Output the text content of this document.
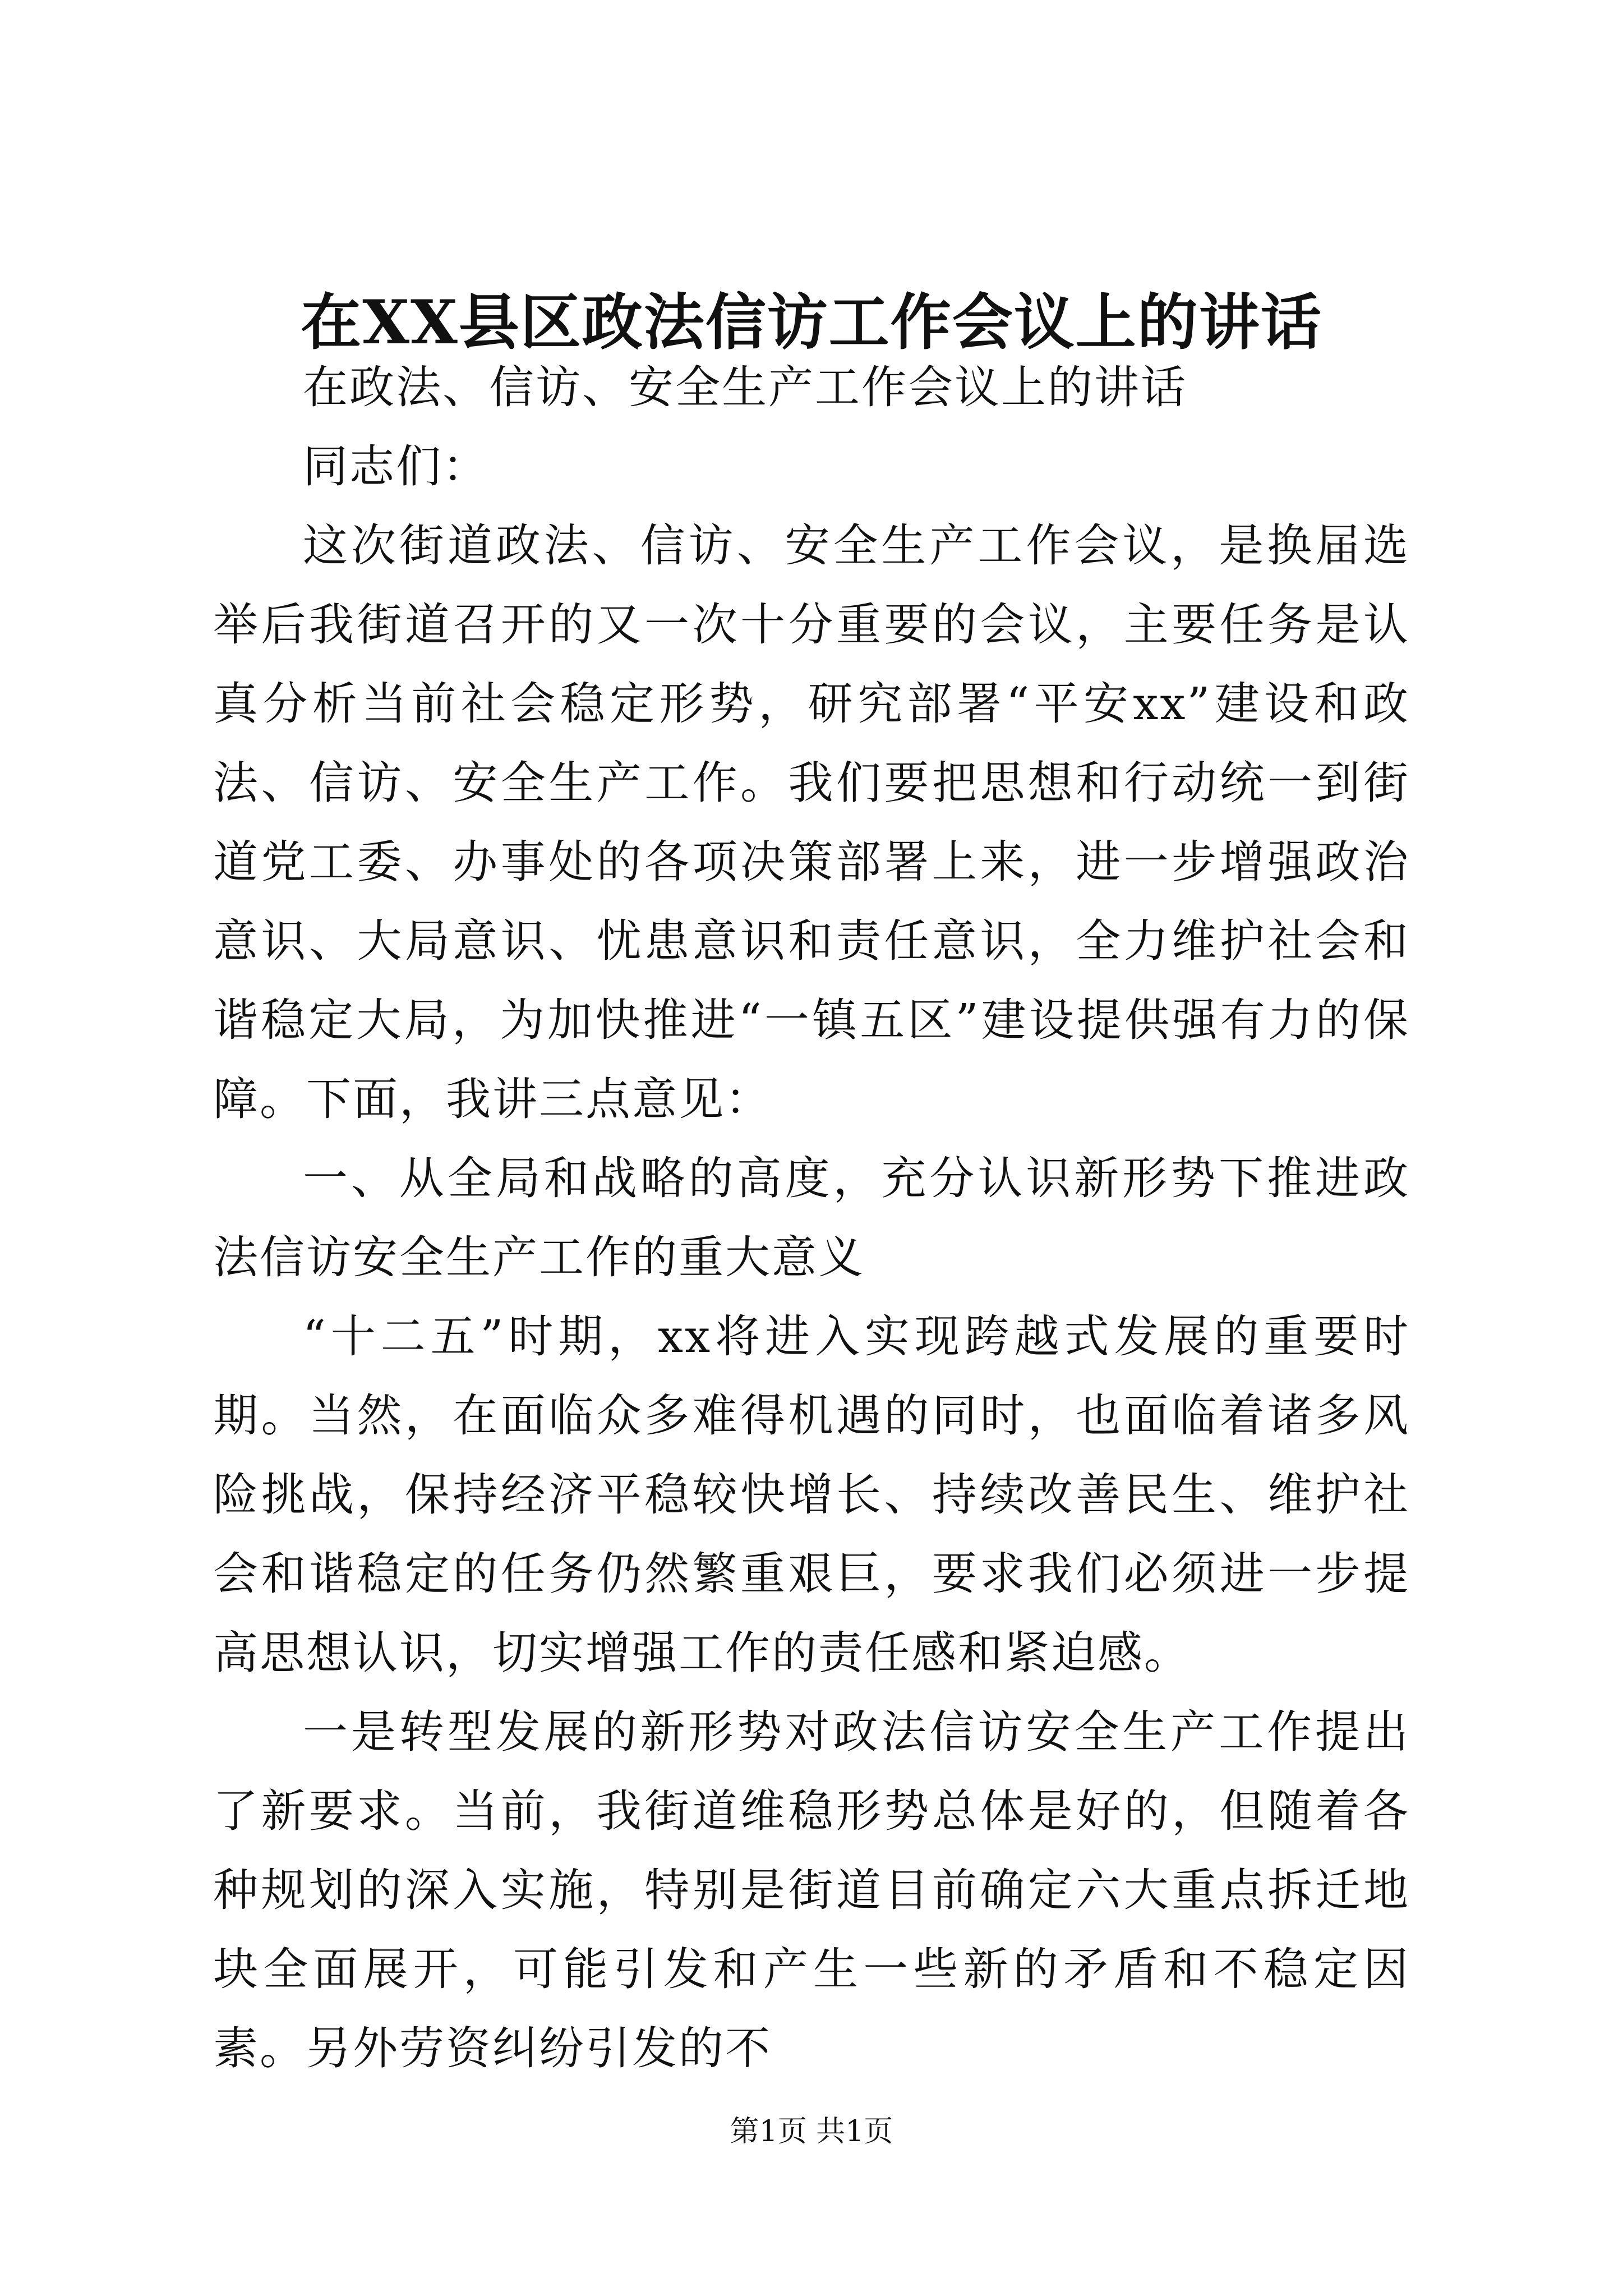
在XX县区政法信访工作会议上的讲话

在政法、信访、安全生产工作会议上的讲话

同志们：

这次街道政法、信访、安全生产工作会议，是换届选举后我街道召开的又一次十分重要的会议，主要任务是认真分析当前社会稳定形势，研究部署“平安xx”建设和政法、信访、安全生产工作。我们要把思想和行动统一到街道党工委、办事处的各项决策部署上来，进一步增强政治意识、大局意识、忧患意识和责任意识，全力维护社会和谐稳定大局，为加快推进“一镇五区”建设提供强有力的保障。下面，我讲三点意见：

一、从全局和战略的高度，充分认识新形势下推进政法信访安全生产工作的重大意义

“十二五”时期，xx将进入实现跨越式发展的重要时期。当然，在面临众多难得机遇的同时，也面临着诸多风险挑战，保持经济平稳较快增长、持续改善民生、维护社会和谐稳定的任务仍然繁重艰巨，要求我们必须进一步提高思想认识，切实增强工作的责任感和紧迫感。

一是转型发展的新形势对政法信访安全生产工作提出了新要求。当前，我街道维稳形势总体是好的，但随着各种规划的深入实施，特别是街道目前确定六大重点拆迁地块全面展开，可能引发和产生一些新的矛盾和不稳定因素。另外劳资纠纷引发的不

第1页 共1页
